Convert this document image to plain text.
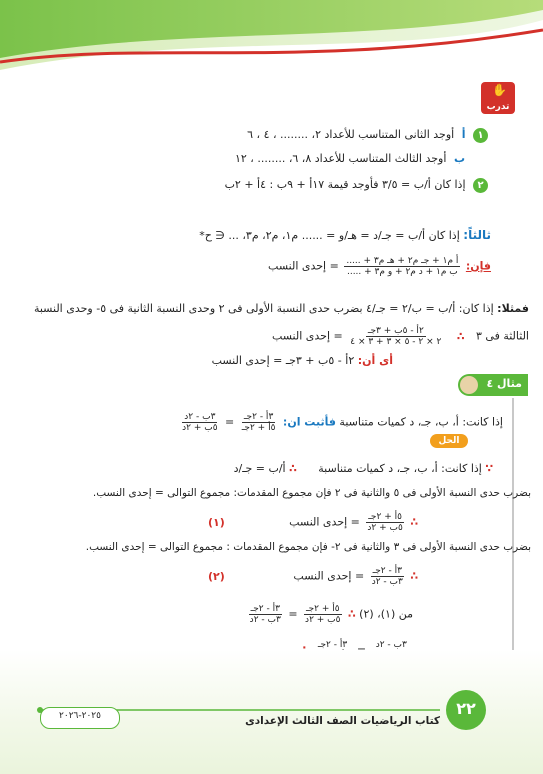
✋
تدرب
١ أ أوجد الثانى المتناسب للأعداد ٢، ........ ، ٤ ، ٦
ب أوجد الثالث المتناسب للأعداد ٨، ٦، ........ ، ١٢
٢ إذا كان أ/ب = ٣/٥ فأوجد قيمة ١٧أ + ٩ب : ٤أ + ٢ب
ثالثاً: إذا كان أ/ب = جـ/د = هـ/و = ...... م١، م٢، م٣، ... ∈ ح*
فإن:
$\frac{\text{أ م١ + جـ م٢ + هـ م٣ + .....}}{\text{ب م١ + د م٢ + و م٣ + .....}}$
= إحدى النسب
فمثلا: إذا كان: أ/ب = ب/٢ = جـ/٤ بضرب حدى النسبة الأولى فى ٢ وحدى النسبة الثانية فى ٥- وحدى النسبة
الثالثة فى ٣ ∴
$\frac{\text{٢أ - ٥ب + ٣جـ}}{٢ \times ٢ - ٥ \times ٣ + ٣ \times ٤}$
= إحدى النسب
أى أن: ٢أ - ٥ب + ٣جـ = إحدى النسب
مثال ٤
إذا كانت: أ، ب، جـ، د كميات متناسبة فأثبت ان:
$\frac{\text{٣أ - ٢جـ}}{\text{٥أ + ٢جـ}}$
=
$\frac{\text{٣ب - ٢د}}{\text{٥ب + ٢د}}$
الحل
∵ إذا كانت: أ، ب، جـ، د كميات متناسبة ∴ أ/ب = جـ/د
بضرب حدى النسبة الأولى فى ٥ والثانية فى ٢ فإن مجموع المقدمات: مجموع التوالى = إحدى النسب.
∴
$\frac{\text{٥أ + ٢جـ}}{\text{٥ب + ٢د}}$
= إحدى النسب
(١)
بضرب حدى النسبة الأولى فى ٣ والثانية فى ٢- فإن مجموع المقدمات : مجموع التوالى = إحدى النسب.
∴
$\frac{\text{٣أ - ٢جـ}}{\text{٣ب - ٢د}}$
= إحدى النسب
(٢)
من (١)، (٢) ∴
$\frac{\text{٥أ + ٢جـ}}{\text{٥ب + ٢د}}$
=
$\frac{\text{٣أ - ٢جـ}}{\text{٣ب - ٢د}}$
٣أ - ٢جـ
	٣ب - ٢د
٢٢
كتاب الرياضيات الصف الثالث الإعدادى
٢٠٢٥-٢٠٢٦
